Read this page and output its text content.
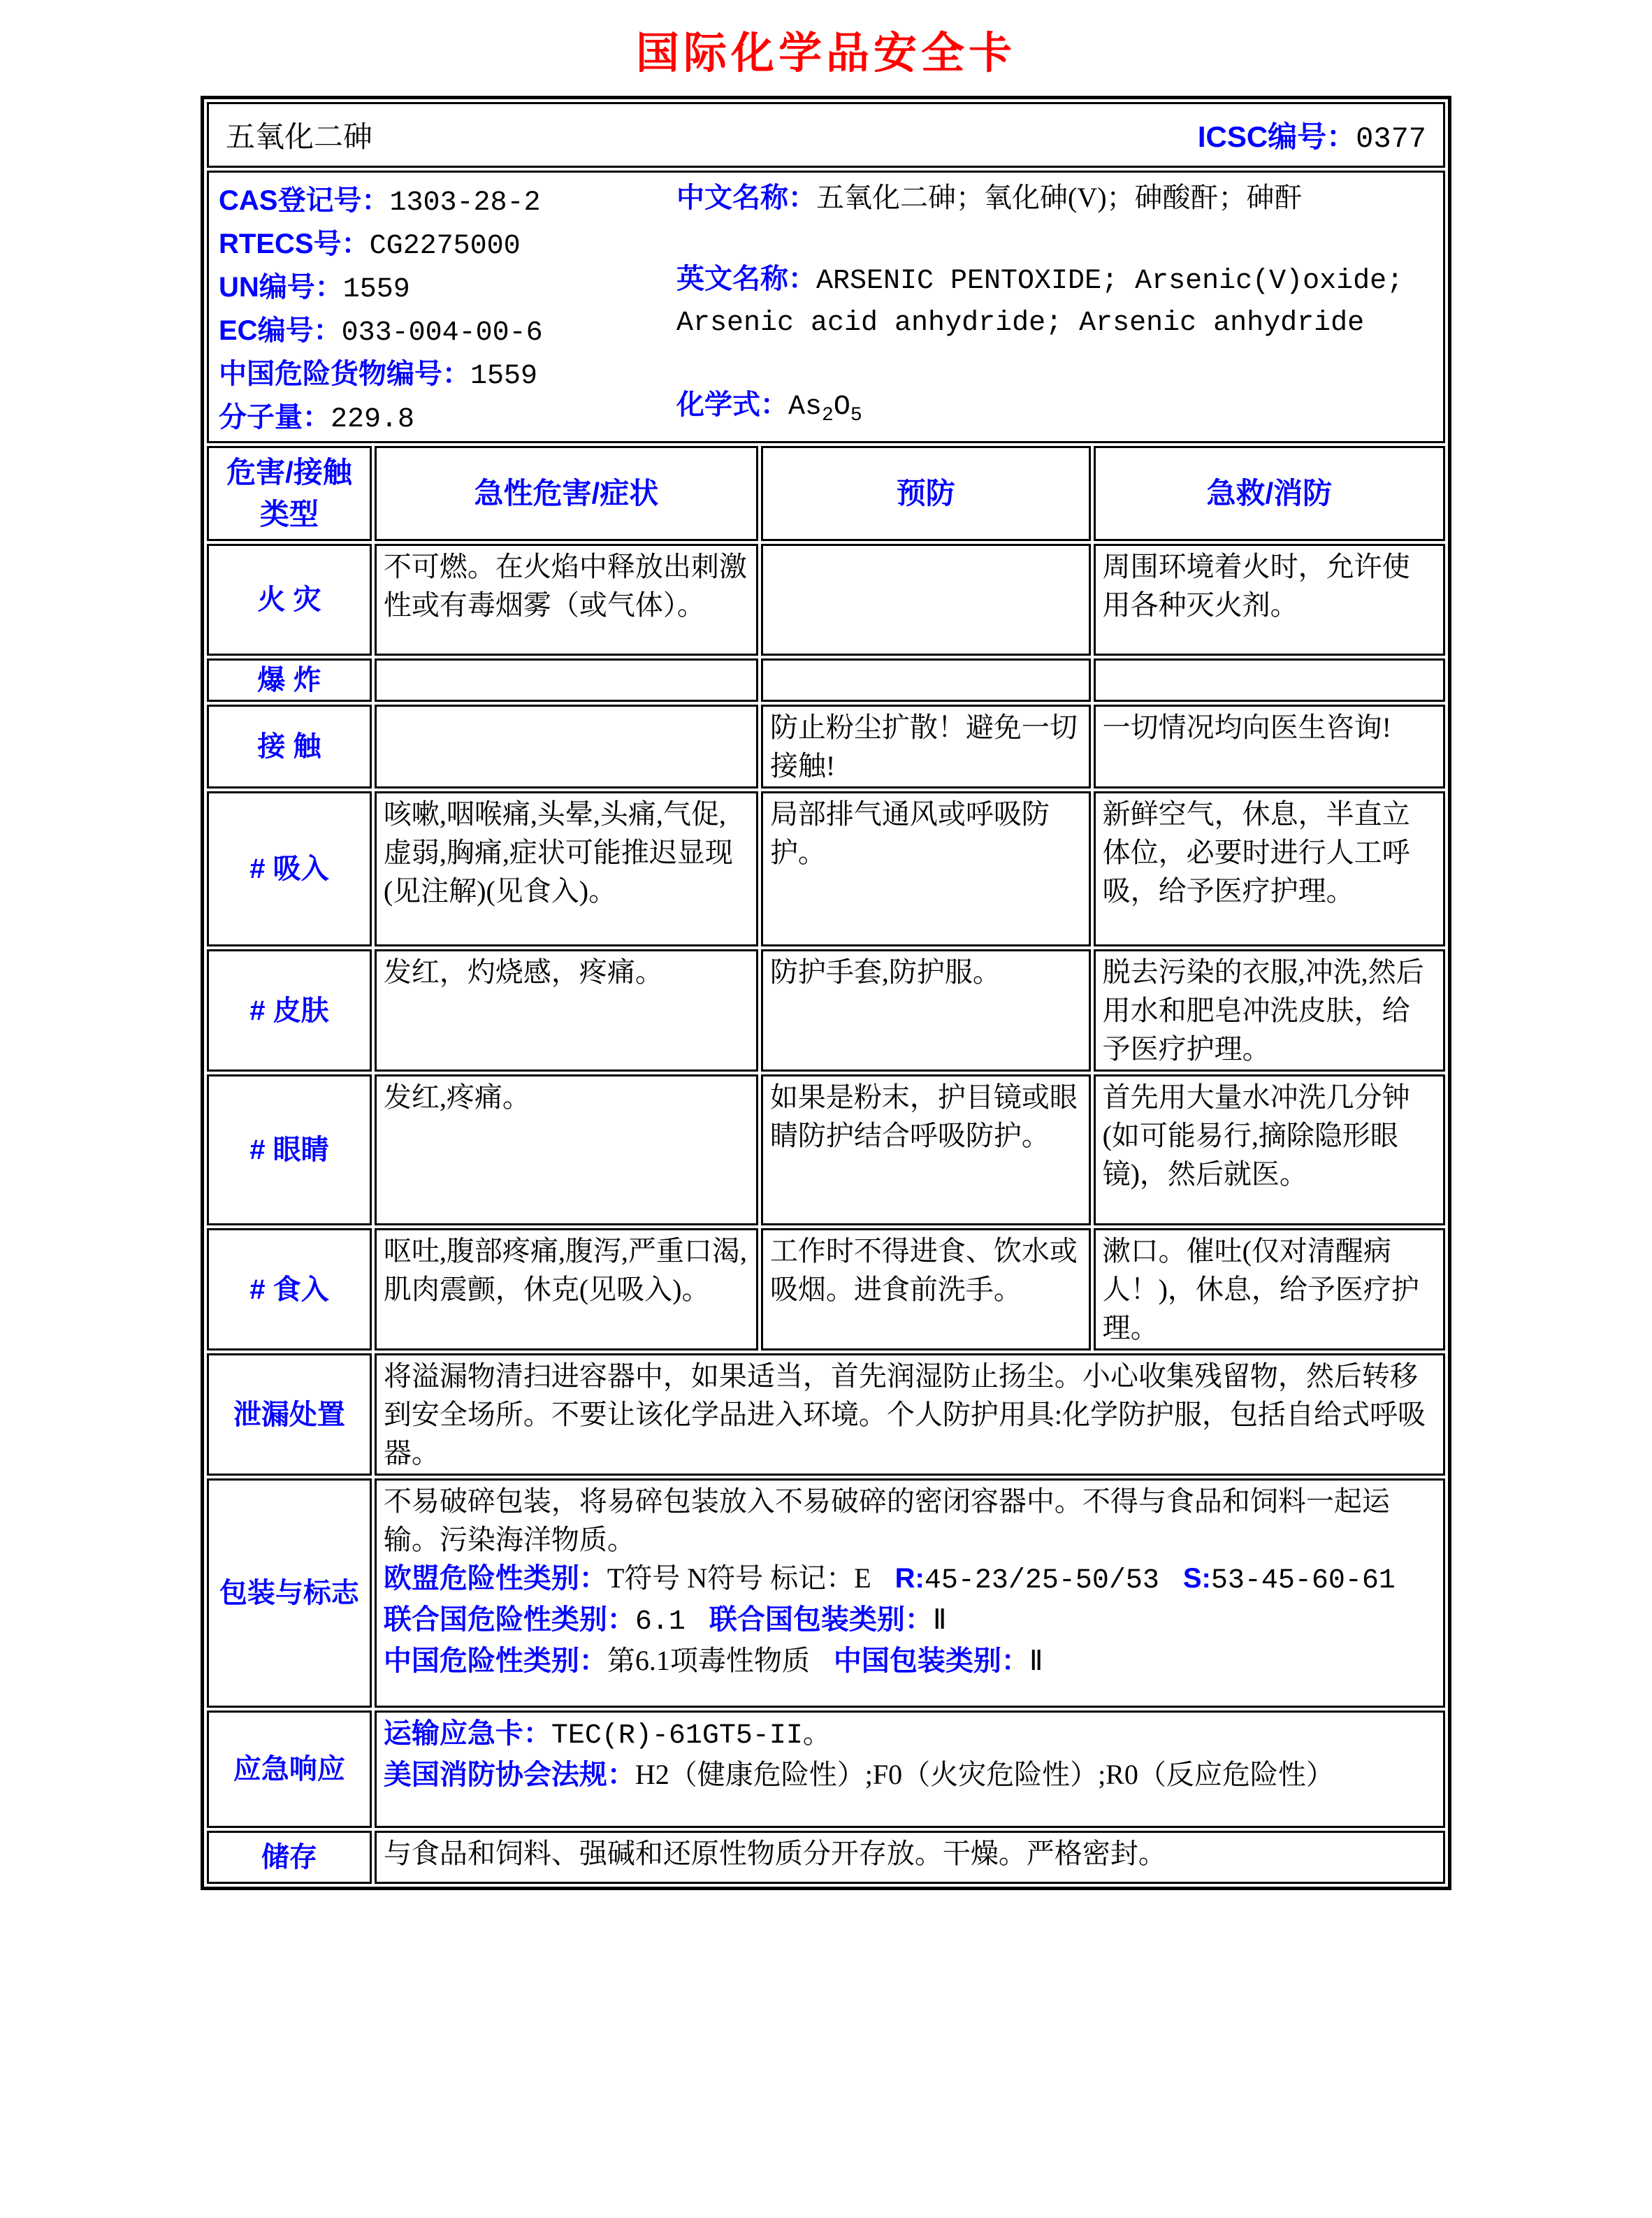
国际化学品安全卡
五氧化二砷 ICSC编号：0377			

CAS登记号：1303-28-2
RTECS号：CG2275000
UN编号：1559
EC编号：033-004-00-6
中国危险货物编号：1559
分子量：229.8
中文名称：五氧化二砷；氧化砷(V)；砷酸酐；砷酐
英文名称：ARSENIC PENTOXIDE; Arsenic(V)oxide; Arsenic acid anhydride; Arsenic anhydride
化学式：$As_2O_5$

危害/接触类型	急性危害/症状	预防	急救/消防
火 灾	不可燃。在火焰中释放出刺激性或有毒烟雾（或气体）。		周围环境着火时，允许使用各种灭火剂。
爆 炸			
接 触		防止粉尘扩散！避免一切接触!	一切情况均向医生咨询!
# 吸入	咳嗽,咽喉痛,头晕,头痛,气促,虚弱,胸痛,症状可能推迟显现(见注解)(见食入)。	局部排气通风或呼吸防护。	新鲜空气，休息，半直立体位，必要时进行人工呼吸，给予医疗护理。
# 皮肤	发红，灼烧感，疼痛。	防护手套,防护服。	脱去污染的衣服,冲洗,然后用水和肥皂冲洗皮肤，给予医疗护理。
# 眼睛	发红,疼痛。	如果是粉末，护目镜或眼睛防护结合呼吸防护。	首先用大量水冲洗几分钟(如可能易行,摘除隐形眼镜)，然后就医。
# 食入	呕吐,腹部疼痛,腹泻,严重口渴,肌肉震颤，休克(见吸入)。	工作时不得进食、饮水或吸烟。进食前洗手。	漱口。催吐(仅对清醒病人！)，休息，给予医疗护理。
泄漏处置	将溢漏物清扫进容器中，如果适当，首先润湿防止扬尘。小心收集残留物，然后转移到安全场所。不要让该化学品进入环境。个人防护用具:化学防护服，包括自给式呼吸器。		
包装与标志	不易破碎包装，将易碎包装放入不易破碎的密闭容器中。不得与食品和饲料一起运输。污染海洋物质。
欧盟危险性类别：T符号 N符号 标记：E R:45-23/25-50/53 S:53-45-60-61
联合国危险性类别：6.1 联合国包装类别：Ⅱ
中国危险性类别：第6.1项毒性物质 中国包装类别：Ⅱ		

应急响应	运输应急卡：TEC(R)-61GT5-II。
美国消防协会法规：H2（健康危险性）;F0（火灾危险性）;R0（反应危险性）		

储存	与食品和饲料、强碱和还原性物质分开存放。干燥。严格密封。		
